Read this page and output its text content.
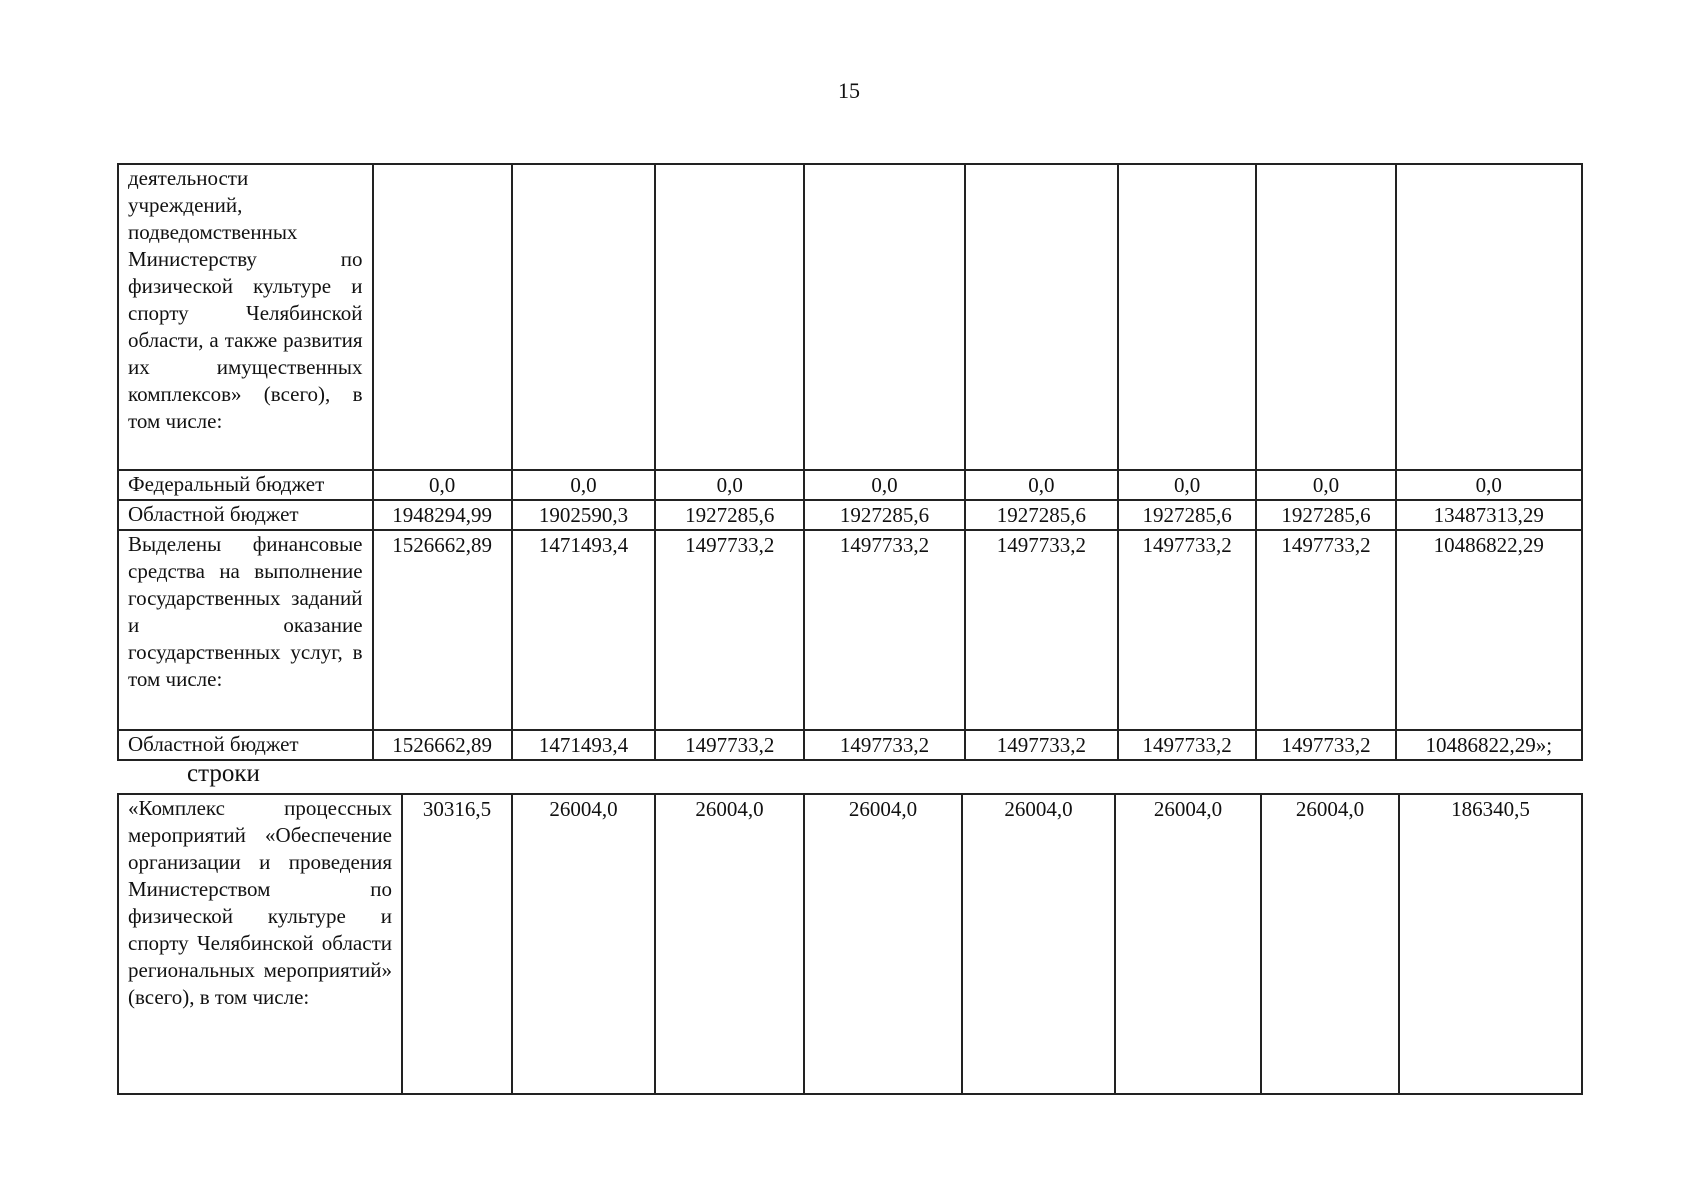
15
деятельности учреждений, подведомственных Министерству по физической культуре и спорту Челябинской области, а также развития их имущественных комплексов» (всего), в том числе:								
Федеральный бюджет	0,0	0,0	0,0	0,0	0,0	0,0	0,0	0,0
Областной бюджет	1948294,99	1902590,3	1927285,6	1927285,6	1927285,6	1927285,6	1927285,6	13487313,29
Выделены финансовые средства на выполнение государственных заданий и оказание государственных услуг, в том числе:	1526662,89	1471493,4	1497733,2	1497733,2	1497733,2	1497733,2	1497733,2	10486822,29
Областной бюджет	1526662,89	1471493,4	1497733,2	1497733,2	1497733,2	1497733,2	1497733,2	10486822,29»;
строки
«Комплекс процессных мероприятий «Обеспечение организации и проведения Министерством по физической культуре и спорту Челябинской области региональных мероприятий» (всего), в том числе:	30316,5	26004,0	26004,0	26004,0	26004,0	26004,0	26004,0	186340,5
